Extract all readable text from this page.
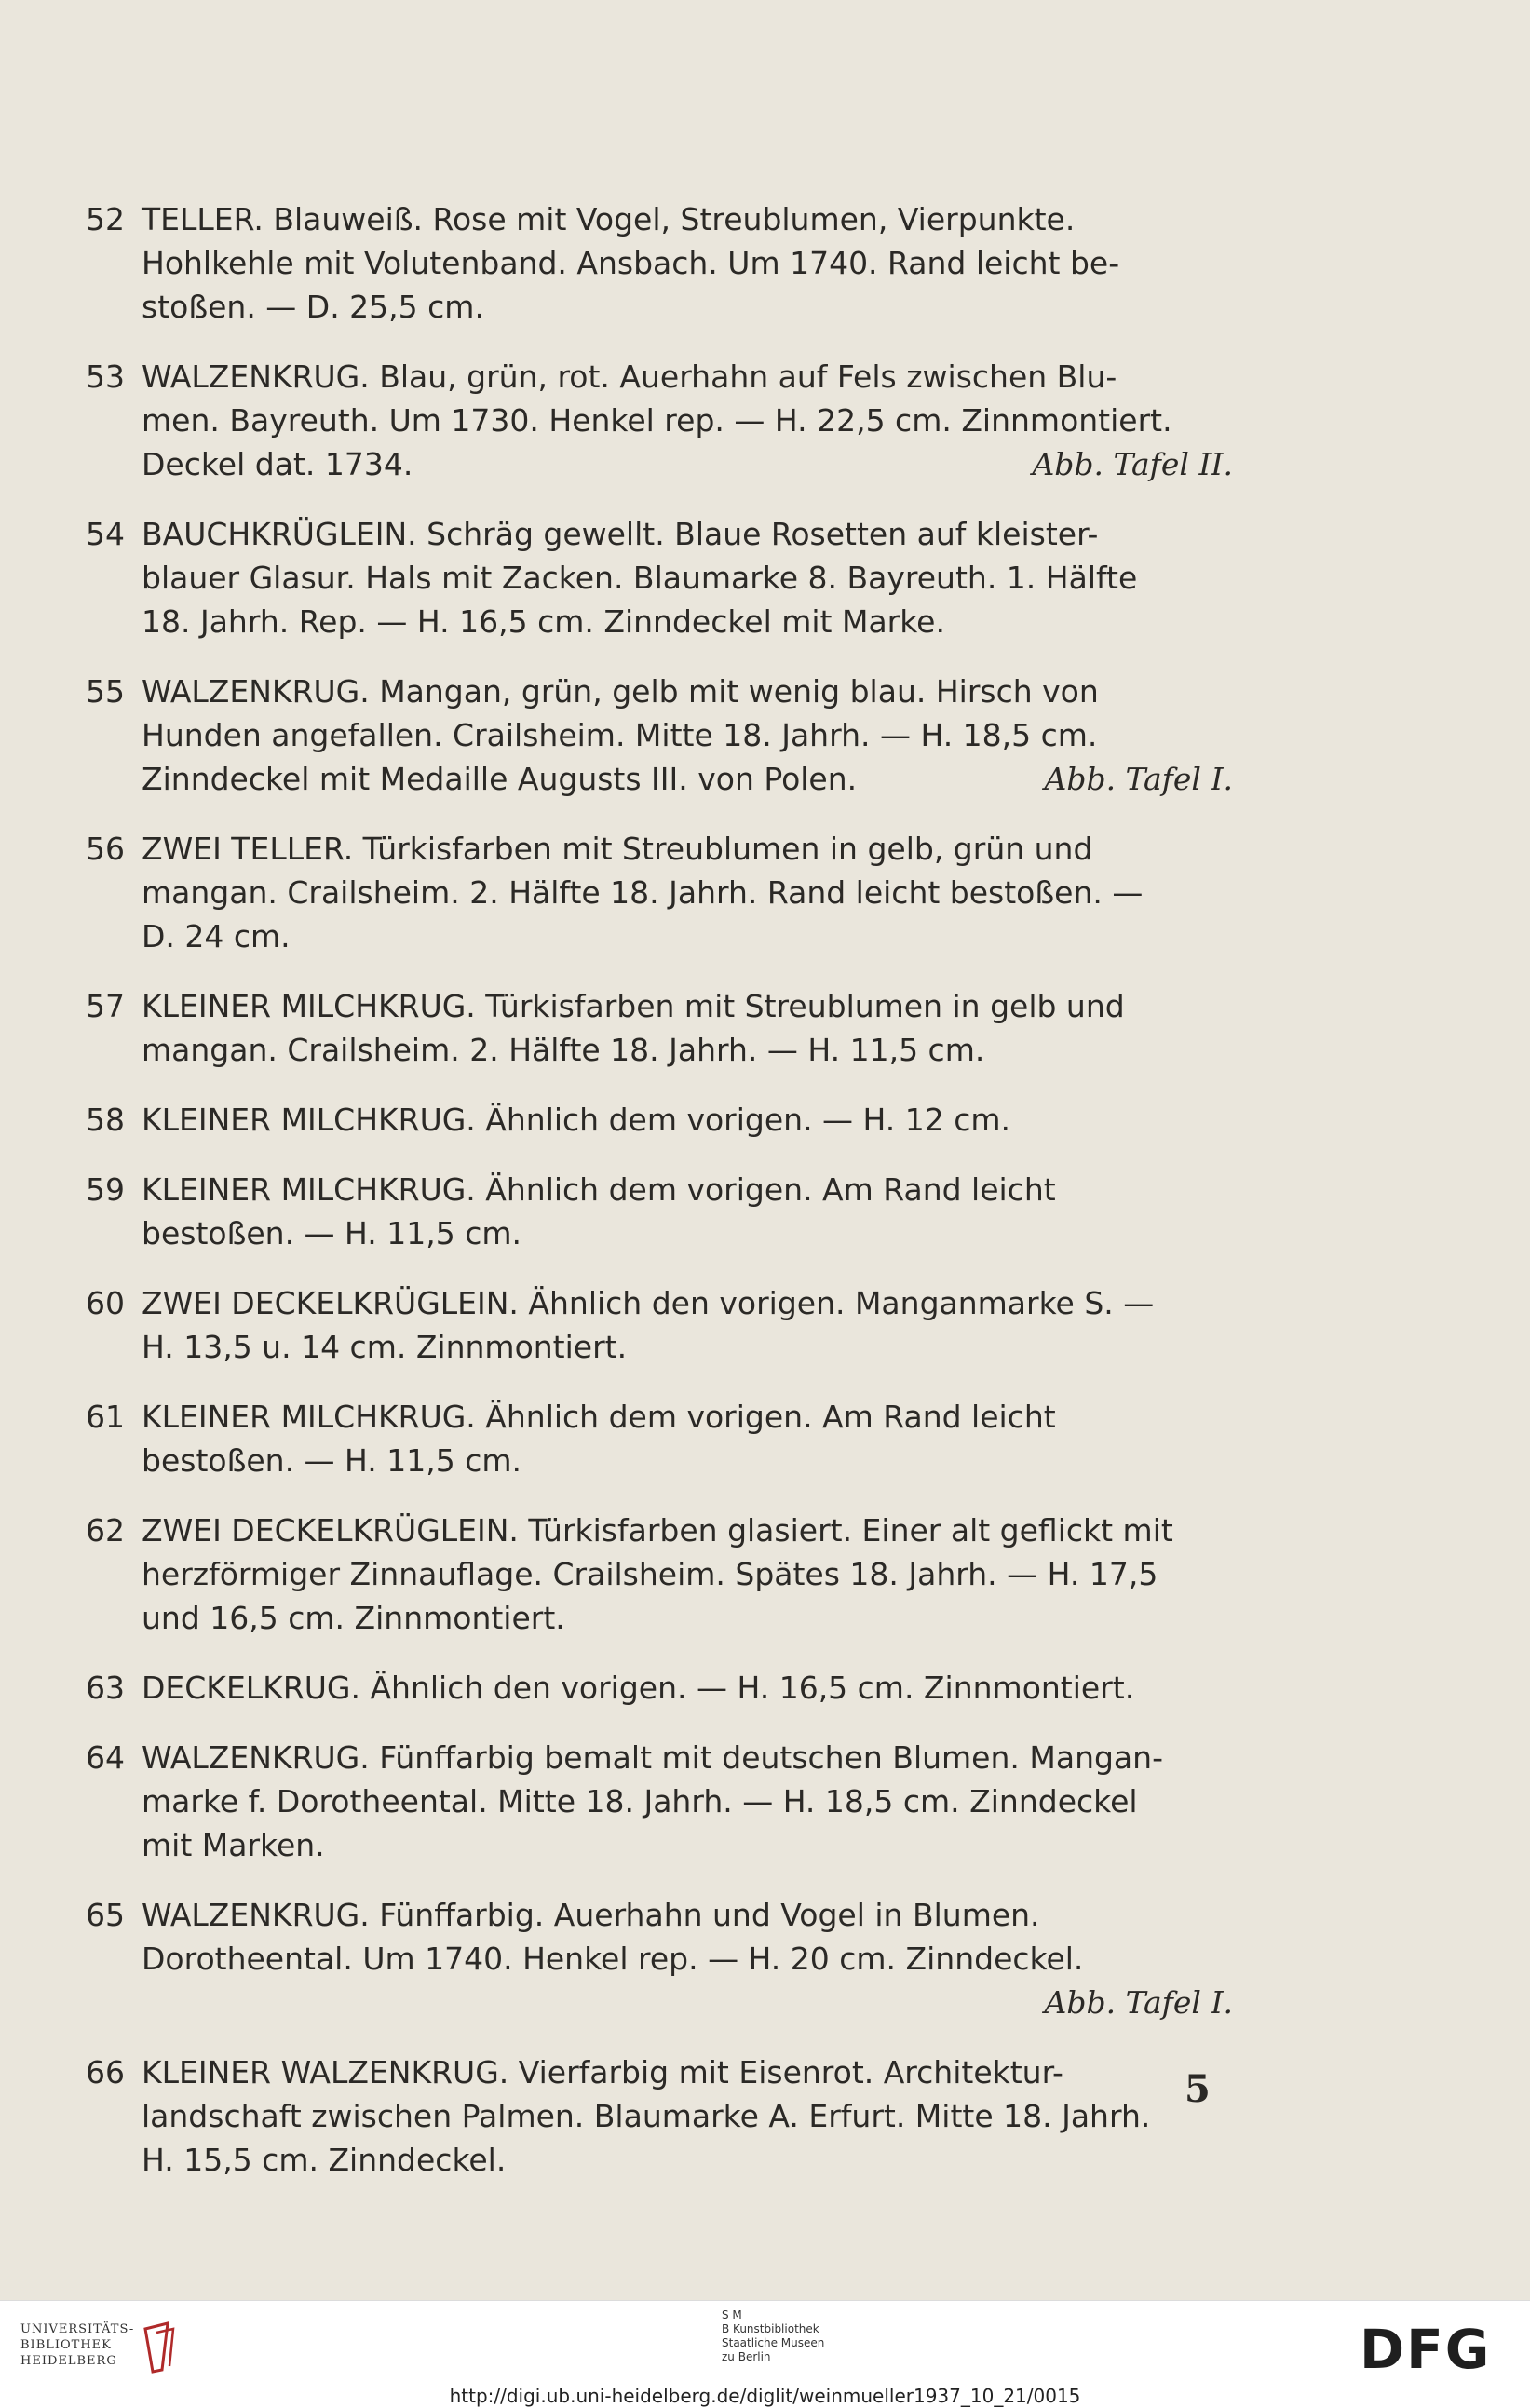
52 TELLER. Blauweiß. Rose mit Vogel, Streublumen, Vierpunkte.
Hohlkehle mit Volutenband. Ansbach. Um 1740. Rand leicht be-
stoßen. — D. 25,5 cm.
53 WALZENKRUG. Blau, grün, rot. Auerhahn auf Fels zwischen Blu-
men. Bayreuth. Um 1730. Henkel rep. — H. 22,5 cm. Zinnmontiert.
Deckel dat. 1734.	Abb. Tafel II.
54 BAUCHKRÜGLEIN. Schräg gewellt. Blaue Rosetten auf kleister-
blauer Glasur. Hals mit Zacken. Blaumarke 8. Bayreuth. 1. Hälfte
18. Jahrh. Rep. — H. 16,5 cm. Zinndeckel mit Marke.
55 WALZENKRUG. Mangan, grün, gelb mit wenig blau. Hirsch von
Hunden angefallen. Crailsheim. Mitte 18. Jahrh. — H. 18,5 cm.
Zinndeckel mit Medaille Augusts III. von Polen.	Abb. Tafel I.
56 ZWEI TELLER. Türkisfarben mit Streublumen in gelb, grün und
mangan. Crailsheim. 2. Hälfte 18. Jahrh. Rand leicht bestoßen. —
D. 24 cm.
57 KLEINER MILCHKRUG. Türkisfarben mit Streublumen in gelb und
mangan. Crailsheim. 2. Hälfte 18. Jahrh. — H. 11,5 cm.
58 KLEINER MILCHKRUG. Ähnlich dem vorigen. — H. 12 cm.
59 KLEINER MILCHKRUG. Ähnlich dem vorigen. Am Rand leicht
bestoßen. — H. 11,5 cm.
60 ZWEI DECKELKRÜGLEIN. Ähnlich den vorigen. Manganmarke S. —
H. 13,5 u. 14 cm. Zinnmontiert.
61 KLEINER MILCHKRUG. Ähnlich dem vorigen. Am Rand leicht
bestoßen. — H. 11,5 cm.
62 ZWEI DECKELKRÜGLEIN. Türkisfarben glasiert. Einer alt geflickt mit
herzförmiger Zinnauflage. Crailsheim. Spätes 18. Jahrh. — H. 17,5
und 16,5 cm. Zinnmontiert.
63 DECKELKRUG. Ähnlich den vorigen. — H. 16,5 cm. Zinnmontiert.
64 WALZENKRUG. Fünffarbig bemalt mit deutschen Blumen. Mangan-
marke f. Dorotheental. Mitte 18. Jahrh. — H. 18,5 cm. Zinndeckel
mit Marken.
65 WALZENKRUG. Fünffarbig. Auerhahn und Vogel in Blumen.
Dorotheental. Um 1740. Henkel rep. — H. 20 cm. Zinndeckel.
Abb. Tafel I.
66 KLEINER WALZENKRUG. Vierfarbig mit Eisenrot. Architektur-
landschaft zwischen Palmen. Blaumarke A. Erfurt. Mitte 18. Jahrh.
H. 15,5 cm. Zinndeckel.
5
UNIVERSITÄTS-
BIBLIOTHEK
HEIDELBERG
S M
B Kunstbibliothek
Staatliche Museen
zu Berlin	DFG
http://digi.ub.uni-heidelberg.de/diglit/weinmueller1937_10_21/0015
